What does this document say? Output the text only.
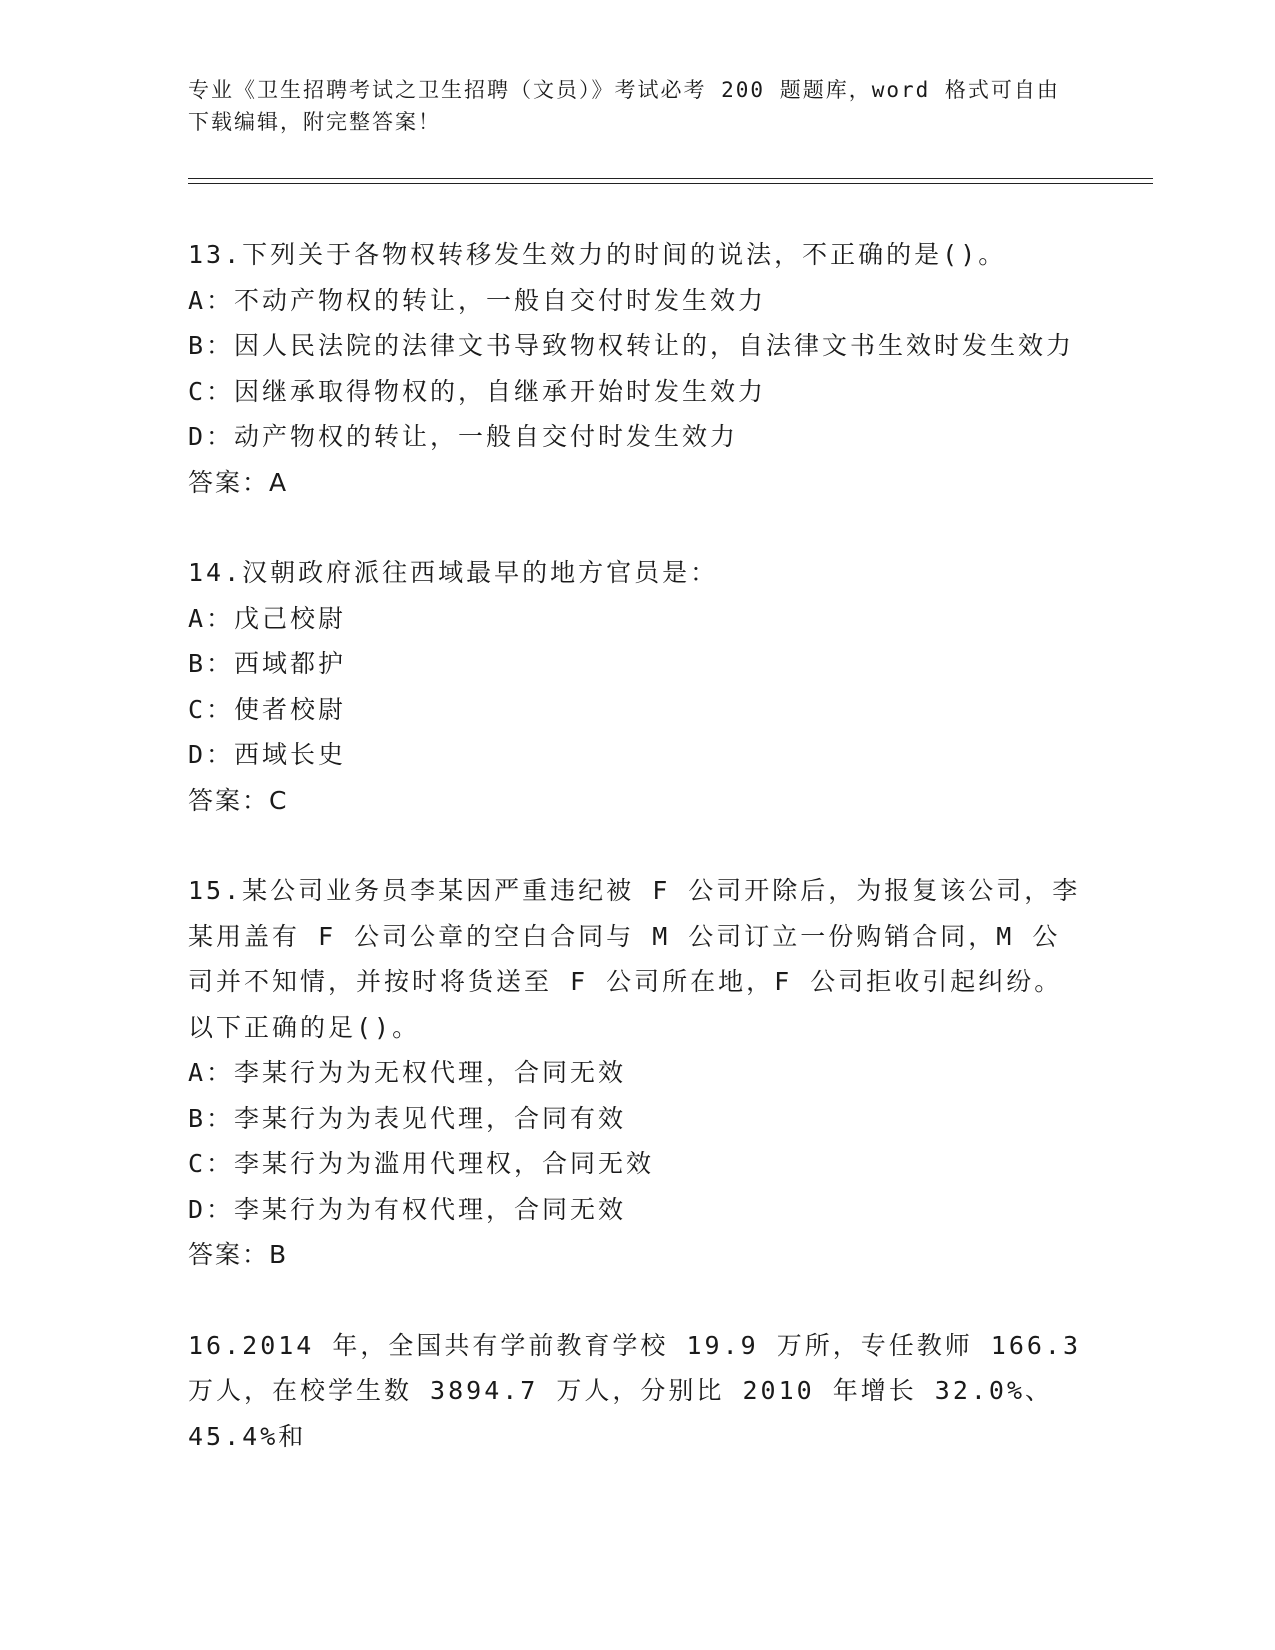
专业《卫生招聘考试之卫生招聘（文员）》考试必考 200 题题库，word 格式可自由下载编辑，附完整答案！
13.下列关于各物权转移发生效力的时间的说法，不正确的是()。
A：不动产物权的转让，一般自交付时发生效力
B：因人民法院的法律文书导致物权转让的，自法律文书生效时发生效力
C：因继承取得物权的，自继承开始时发生效力
D：动产物权的转让，一般自交付时发生效力
答案：A
14.汉朝政府派往西域最早的地方官员是：
A：戊己校尉
B：西域都护
C：使者校尉
D：西域长史
答案：C
15.某公司业务员李某因严重违纪被 F 公司开除后，为报复该公司，李某用盖有 F 公司公章的空白合同与 M 公司订立一份购销合同，M 公司并不知情，并按时将货送至 F 公司所在地，F 公司拒收引起纠纷。以下正确的足()。
A：李某行为为无权代理，合同无效
B：李某行为为表见代理，合同有效
C：李某行为为滥用代理权，合同无效
D：李某行为为有权代理，合同无效
答案：B
16.2014 年，全国共有学前教育学校 19.9 万所，专任教师 166.3 万人，在校学生数 3894.7 万人，分别比 2010 年增长 32.0%、45.4%和
